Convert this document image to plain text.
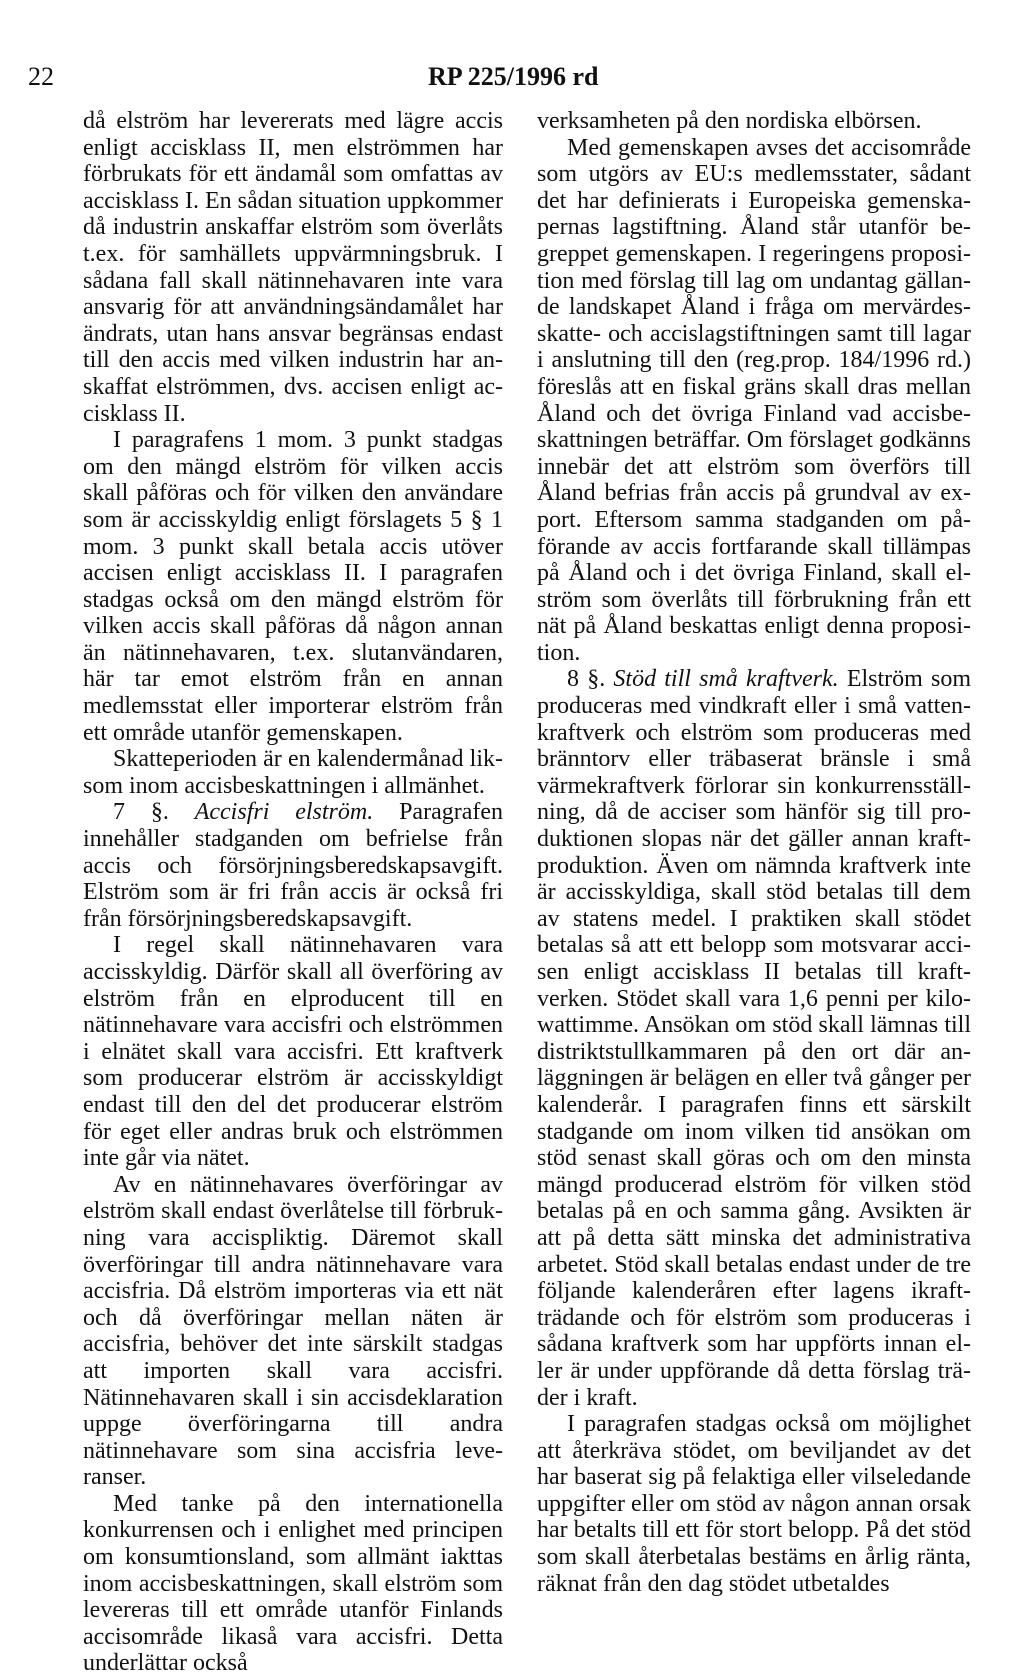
22	RP 225/1996 rd

då elström har levererats med lägre accis enligt accisklass II, men elströmmen har förbrukats för ett ändamål som omfattas av accisklass I. En sådan situation uppkommer då industrin anskaffar elström som överlåts t.ex. för samhällets uppvärmningsbruk. I sådana fall skall nätinnehavaren inte vara ansvarig för att användningsändamålet har ändrats, utan hans ansvar begränsas endast till den accis med vilken industrin har anskaffat elströmmen, dvs. accisen enligt accisklass II.

I paragrafens 1 mom. 3 punkt stadgas om den mängd elström för vilken accis skall påföras och för vilken den användare som är accisskyldig enligt förslagets 5 § 1 mom. 3 punkt skall betala accis utöver accisen enligt accisklass II. I paragrafen stadgas också om den mängd elström för vilken accis skall påföras då någon annan än nätinnehavaren, t.ex. slutanvändaren, här tar emot elström från en annan medlemsstat eller importerar elström från ett område utanför gemenskapen.

Skatteperioden är en kalendermånad liksom inom accisbeskattningen i allmänhet.

7 §. Accisfri elström. Paragrafen innehåller stadganden om befrielse från accis och försörjningsberedskapsavgift. Elström som är fri från accis är också fri från försörjningsberedskapsavgift.

I regel skall nätinnehavaren vara accisskyldig. Därför skall all överföring av elström från en elproducent till en nätinnehavare vara accisfri och elströmmen i elnätet skall vara accisfri. Ett kraftverk som producerar elström är accisskyldigt endast till den del det producerar elström för eget eller andras bruk och elströmmen inte går via nätet.

Av en nätinnehavares överföringar av elström skall endast överlåtelse till förbrukning vara accispliktig. Däremot skall överföringar till andra nätinnehavare vara accisfria. Då elström importeras via ett nät och då överföringar mellan näten är accisfria, behöver det inte särskilt stadgas att importen skall vara accisfri. Nätinnehavaren skall i sin accisdeklaration uppge överföringarna till andra nätinnehavare som sina accisfria leveranser.

Med tanke på den internationella konkurrensen och i enlighet med principen om konsumtionsland, som allmänt iakttas inom accisbeskattningen, skall elström som levereras till ett område utanför Finlands accisområde likaså vara accisfri. Detta underlättar också

verksamheten på den nordiska elbörsen.

Med gemenskapen avses det accisområde som utgörs av EU:s medlemsstater, sådant det har definierats i Europeiska gemenskapernas lagstiftning. Åland står utanför begreppet gemenskapen. I regeringens proposition med förslag till lag om undantag gällande landskapet Åland i fråga om mervärdesskatte- och accislagstiftningen samt till lagar i anslutning till den (reg.prop. 184/1996 rd.) föreslås att en fiskal gräns skall dras mellan Åland och det övriga Finland vad accisbeskattningen beträffar. Om förslaget godkänns innebär det att elström som överförs till Åland befrias från accis på grundval av export. Eftersom samma stadganden om påförande av accis fortfarande skall tillämpas på Åland och i det övriga Finland, skall elström som överlåts till förbrukning från ett nät på Åland beskattas enligt denna proposition.

8 §. Stöd till små kraftverk. Elström som produceras med vindkraft eller i små vattenkraftverk och elström som produceras med bränntorv eller träbaserat bränsle i små värmekraftverk förlorar sin konkurrensställning, då de acciser som hänför sig till produktionen slopas när det gäller annan kraftproduktion. Även om nämnda kraftverk inte är accisskyldiga, skall stöd betalas till dem av statens medel. I praktiken skall stödet betalas så att ett belopp som motsvarar accisen enligt accisklass II betalas till kraftverken. Stödet skall vara 1,6 penni per kilowattimme. Ansökan om stöd skall lämnas till distriktstullkammaren på den ort där anläggningen är belägen en eller två gånger per kalenderår. I paragrafen finns ett särskilt stadgande om inom vilken tid ansökan om stöd senast skall göras och om den minsta mängd producerad elström för vilken stöd betalas på en och samma gång. Avsikten är att på detta sätt minska det administrativa arbetet. Stöd skall betalas endast under de tre följande kalenderåren efter lagens ikraftträdande och för elström som produceras i sådana kraftverk som har uppförts innan eller är under uppförande då detta förslag träder i kraft.

I paragrafen stadgas också om möjlighet att återkräva stödet, om beviljandet av det har baserat sig på felaktiga eller vilseledande uppgifter eller om stöd av någon annan orsak har betalts till ett för stort belopp. På det stöd som skall återbetalas bestäms en årlig ränta, räknat från den dag stödet utbetaldes
